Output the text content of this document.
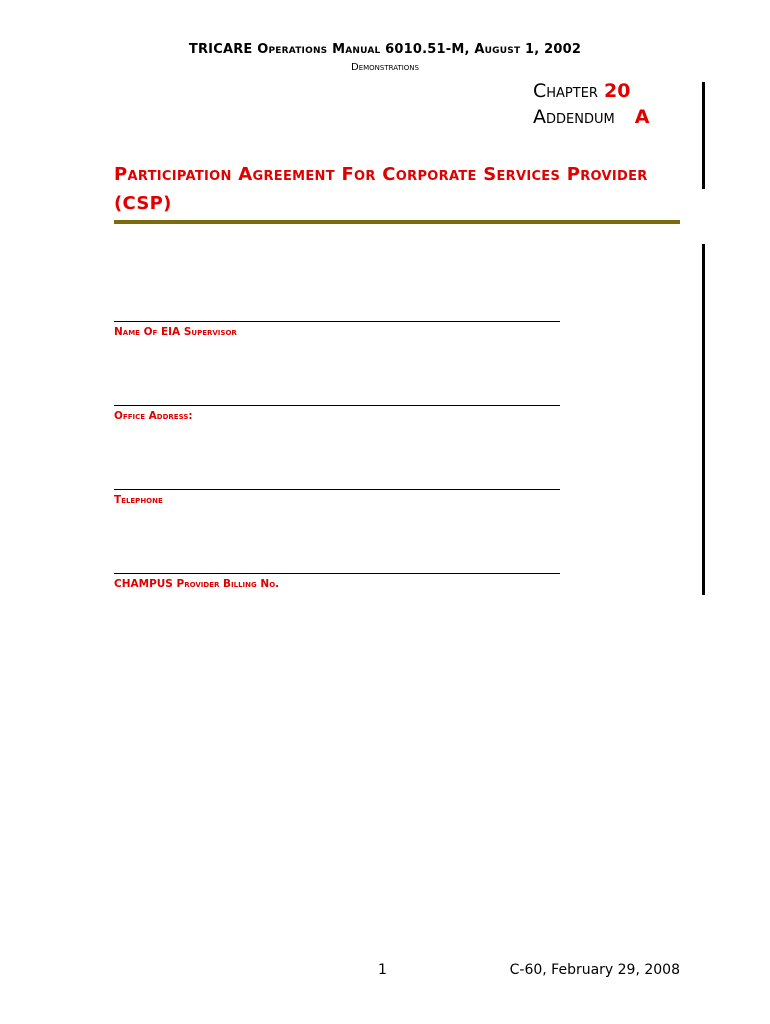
TRICARE Operations Manual 6010.51-M, August 1, 2002
Demonstrations
Chapter 20
Addendum A
Participation Agreement For Corporate Services Provider (CSP)
Name Of EIA Supervisor
Office Address:
Telephone
CHAMPUS Provider Billing No.
1	C-60, February 29, 2008
